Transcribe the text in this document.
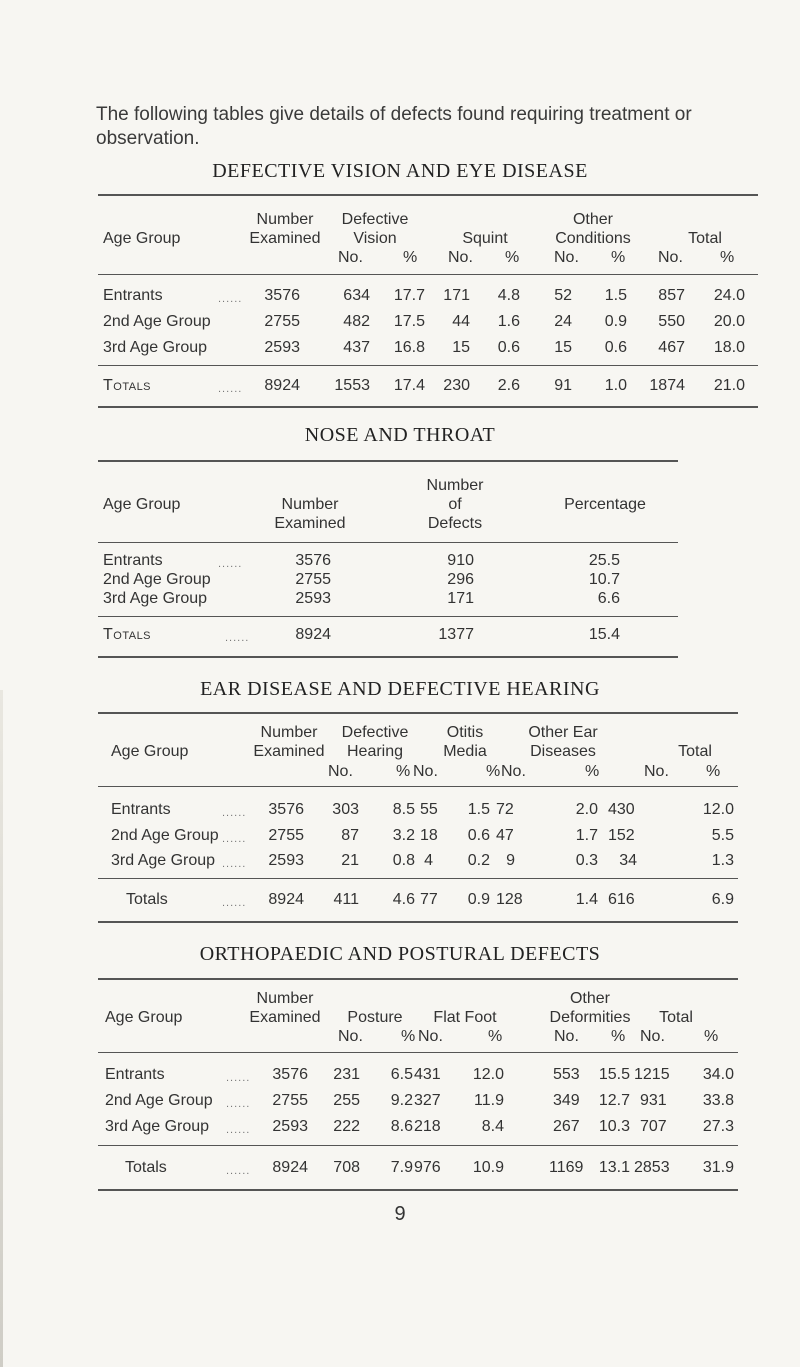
The following tables give details of defects found requiring treatment or observation.
DEFECTIVE VISION AND EYE DISEASE
Age Group
Number
Examined
Defective
Vision	Squint
Other
Conditions	Total
No.	% No. % No. % No. %
Entrants	......	3576	634	17.7	171	4.8	52	1.5	857	24.0
2nd Age Group	2755	482	17.5	44	1.6	24	0.9	550	20.0
3rd Age Group	2593	437	16.8	15	0.6	15	0.6	467	18.0
Totals	......	8924	1553	17.4	230	2.6	91	1.0	1874	21.0
NOSE AND THROAT
Age Group	Number
Examined
Number
of
Defects
Percentage
Entrants	......	3576	910	25.5
2nd Age Group	2755	296	10.7
3rd Age Group	2593	171	6.6
Totals	......	8924	1377	15.4
EAR DISEASE AND DEFECTIVE HEARING
Age Group
Number
Examined
Defective
Hearing
Otitis
Media
Other Ear
Diseases	Total
No.	% No.	% No.	%	No. %
Entrants	......	3576	303	8.5 55	1.5 72	2.0 430	12.0
2nd Age Group ......	2755	87	3.2 18	0.6 47	1.7 152	5.5
3rd Age Group ......	2593	21	0.8 4	0.2	9	0.3	34	1.3
Totals	......	8924	411	4.6 77	0.9 128	1.4 616	6.9
ORTHOPAEDIC AND POSTURAL DEFECTS
Age Group
Number
Examined	Posture	Flat Foot
Other
Deformities	Total
No. % No.	%	No. % No. %
Entrants	......	3576	231	6.5 431	12.0	553	15.5 1215	34.0
2nd Age Group ......	2755	255	9.2 327	11.9	349	12.7 931	33.8
3rd Age Group ......	2593	222	8.6 218	8.4	267	10.3 707	27.3
Totals	......	8924	708	7.9 976	10.9	1169 13.1 2853	31.9
9
